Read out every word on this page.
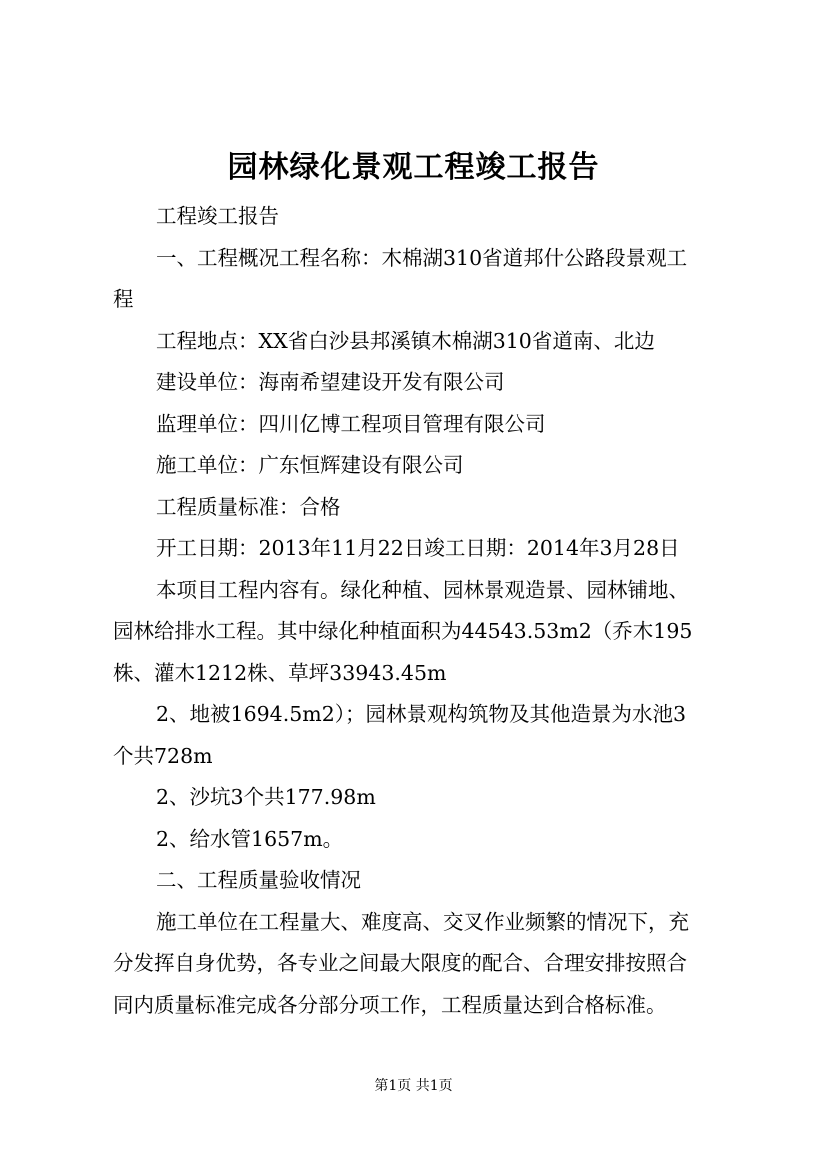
园林绿化景观工程竣工报告
工程竣工报告
一、工程概况工程名称：木棉湖310省道邦什公路段景观工
程
工程地点：XX省白沙县邦溪镇木棉湖310省道南、北边
建设单位：海南希望建设开发有限公司
监理单位：四川亿博工程项目管理有限公司
施工单位：广东恒辉建设有限公司
工程质量标准：合格
开工日期：2013年11月22日竣工日期：2014年3月28日
本项目工程内容有。绿化种植、园林景观造景、园林铺地、
园林给排水工程。其中绿化种植面积为44543.53m2（乔木195
株、灌木1212株、草坪33943.45m
2、地被1694.5m2）；园林景观构筑物及其他造景为水池3
个共728m
2、沙坑3个共177.98m
2、给水管1657m。
二、工程质量验收情况
施工单位在工程量大、难度高、交叉作业频繁的情况下，充
分发挥自身优势，各专业之间最大限度的配合、合理安排按照合
同内质量标准完成各分部分项工作，工程质量达到合格标准。
第1页 共1页
